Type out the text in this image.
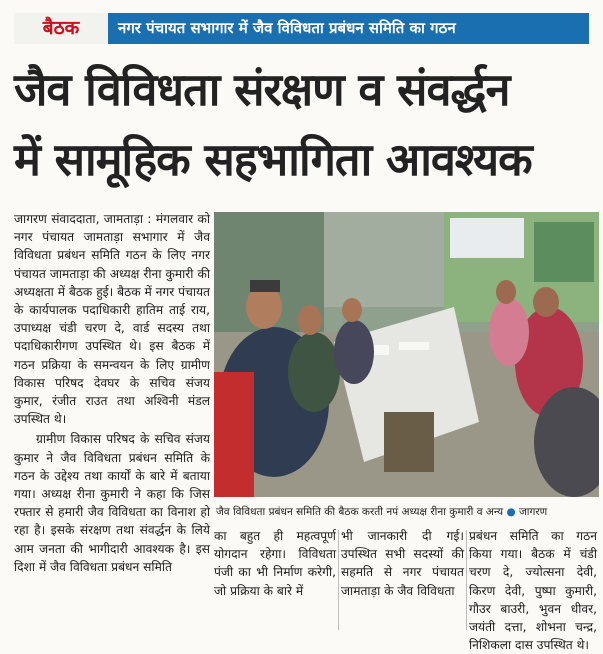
बैठक	नगर पंचायत सभागार में जैव विविधता प्रबंधन समिति का गठन
जैव विविधता संरक्षण व संवर्द्धन
में सामूहिक सहभागिता आवश्यक

जागरण संवाददाता, जामताड़ा : मंगलवार को नगर पंचायत जामताड़ा सभागार में जैव विविधता प्रबंधन समिति गठन के लिए नगर पंचायत जामताड़ा की अध्यक्ष रीना कुमारी की अध्यक्षता में बैठक हुई। बैठक में नगर पंचायत के कार्यपालक पदाधिकारी हातिम ताई राय, उपाध्यक्ष चंडी चरण दे, वार्ड सदस्य तथा पदाधिकारीगण उपस्थित थे। इस बैठक में गठन प्रक्रिया के समन्वयन के लिए ग्रामीण विकास परिषद देवघर के सचिव संजय कुमार, रंजीत राउत तथा अश्विनी मंडल उपस्थित थे।

ग्रामीण विकास परिषद के सचिव संजय कुमार ने जैव विविधता प्रबंधन समिति के गठन के उद्देश्य तथा कार्यों के बारे में बताया गया। अध्यक्ष रीना कुमारी ने कहा कि जिस रफ्तार से हमारी जैव विविधता का विनाश हो रहा है। इसके संरक्षण तथा संवर्द्धन के लिये आम जनता की भागीदारी आवश्यक है। इस दिशा में जैव विविधता प्रबंधन समिति

जैव विविधता प्रबंधन समिति की बैठक करती नपं अध्यक्ष रीना कुमारी व अन्य ● जागरण
का बहुत ही महत्वपूर्ण योगदान रहेगा। विविधता पंजी का भी निर्माण करेगी, जो प्रक्रिया के बारे में
भी जानकारी दी गई। उपस्थित सभी सदस्यों की सहमति से नगर पंचायत जामताड़ा के जैव विविधता
प्रबंधन समिति का गठन किया गया। बैठक में चंडी चरण दे, ज्योत्सना देवी, किरण देवी, पुष्पा कुमारी, गौउर बाउरी, भुवन धीवर, जयंती दत्ता, शोभना चन्द्र, निशिकला दास उपस्थित थे।
